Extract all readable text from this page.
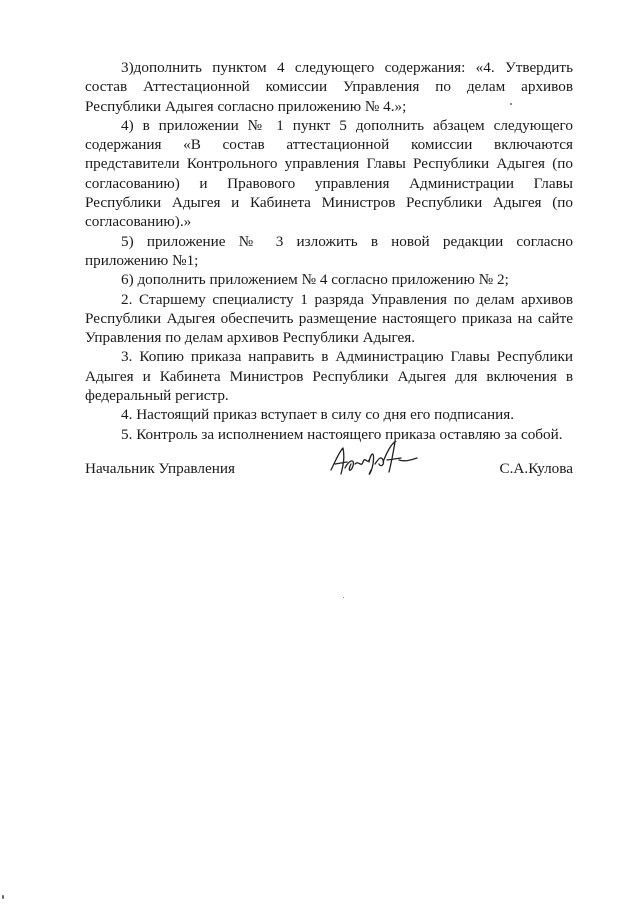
3)дополнить пунктом 4 следующего содержания: «4. Утвердить состав Аттестационной комиссии Управления по делам архивов Республики Адыгея согласно приложению № 4.»;

4) в приложении № 1 пункт 5 дополнить абзацем следующего содержания «В состав аттестационной комиссии включаются представители Контрольного управления Главы Республики Адыгея (по согласованию) и Правового управления Администрации Главы Республики Адыгея и Кабинета Министров Республики Адыгея (по согласованию).»

5) приложение № 3 изложить в новой редакции согласно приложению №1;

6) дополнить приложением № 4 согласно приложению № 2;

2. Старшему специалисту 1 разряда Управления по делам архивов Республики Адыгея обеспечить размещение настоящего приказа на сайте Управления по делам архивов Республики Адыгея.

3. Копию приказа направить в Администрацию Главы Республики Адыгея и Кабинета Министров Республики Адыгея для включения в федеральный регистр.

4. Настоящий приказ вступает в силу со дня его подписания.

5. Контроль за исполнением настоящего приказа оставляю за собой.

Начальник Управления	С.А.Кулова
